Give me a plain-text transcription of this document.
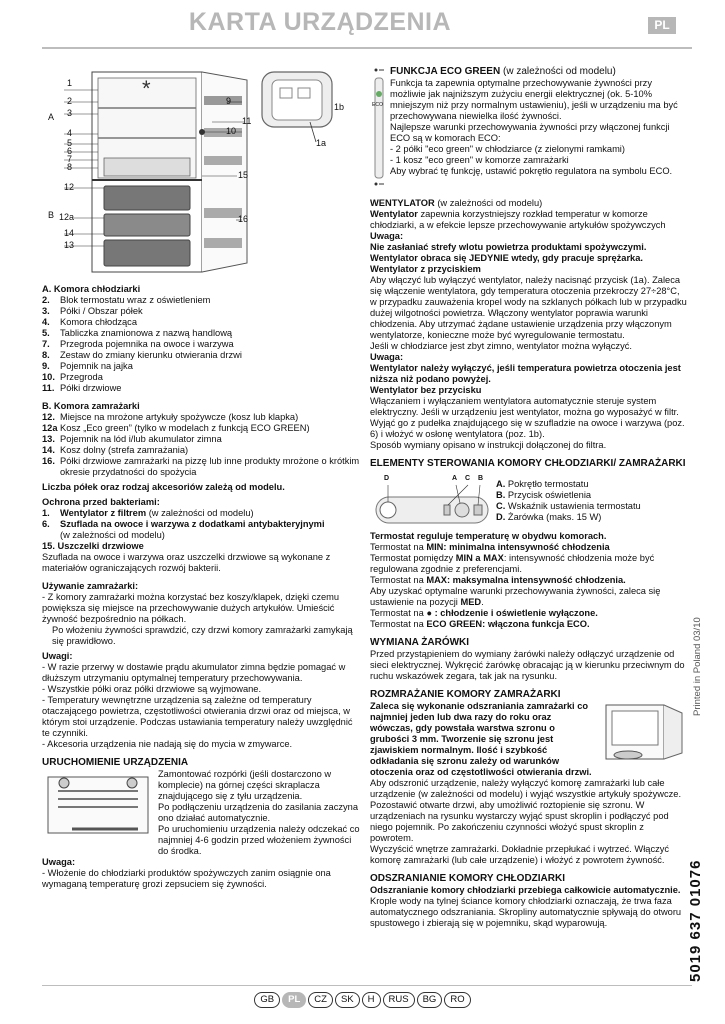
KARTA URZĄDZENIA	PL
*
1
2
3
A
4
5
6
7
8
12
B 12a
14
13
9
10
11
15
16
1b
1a

A. Komora chłodziarki

2.	Blok termostatu wraz z oświetleniem
3.	Półki / Obszar półek
4.	Komora chłodząca
5.	Tabliczka znamionowa z nazwą handlową
7.	Przegroda pojemnika na owoce i warzywa
8.	Zestaw do zmiany kierunku otwierania drzwi
9.	Pojemnik na jajka
10. Przegroda
11. Półki drzwiowe

B. Komora zamrażarki

12. Miejsce na mrożone artykuły spożywcze (kosz lub klapka)
12a Kosz „Eco green” (tylko w modelach z funkcją ECO GREEN)
13. Pojemnik na lód i/lub akumulator zimna
14. Kosz dolny (strefa zamrażania)
16. Półki drzwiowe zamrażarki na pizzę lub inne produkty mrożone o krótkim okresie przydatności do spożycia

Liczba półek oraz rodzaj akcesoriów zależą od modelu.

Ochrona przed bakteriami:

1.	Wentylator z filtrem (w zależności od modelu)
6.	Szuflada na owoce i warzywa z dodatkami antybakteryjnymi
(w zależności od modelu)

15. Uszczelki drzwiowe

Szuflada na owoce i warzywa oraz uszczelki drzwiowe są wykonane z materiałów ograniczających rozwój bakterii.

Używanie zamrażarki:

- Z komory zamrażarki można korzystać bez koszy/klapek, dzięki czemu powiększa się miejsce na przechowywanie dużych artykułów. Umieścić żywność bezpośrednio na półkach.

Po włożeniu żywności sprawdzić, czy drzwi komory zamrażarki zamykają się prawidłowo.

Uwagi:

- W razie przerwy w dostawie prądu akumulator zimna będzie pomagać w dłuższym utrzymaniu optymalnej temperatury przechowywania.

- Wszystkie półki oraz półki drzwiowe są wyjmowane.

- Temperatury wewnętrzne urządzenia są zależne od temperatury otaczającego powietrza, częstotliwości otwierania drzwi oraz od miejsca, w którym stoi urządzenie. Podczas ustawiania temperatury należy uwzględnić te czynniki.

- Akcesoria urządzenia nie nadają się do mycia w zmywarce.

URUCHOMIENIE URZĄDZENIA

Zamontować rozpórki (jeśli dostarczono w komplecie) na górnej części skraplacza znajdującego się z tyłu urządzenia.

Po podłączeniu urządzenia do zasilania zaczyna ono działać automatycznie.

Po uruchomieniu urządzenia należy odczekać co najmniej 4-6 godzin przed włożeniem żywności do środka.

Uwaga:

- Włożenie do chłodziarki produktów spożywczych zanim osiągnie ona wymaganą temperaturę grozi zepsuciem się żywności.

ECO

FUNKCJA ECO GREEN (w zależności od modelu)

Funkcja ta zapewnia optymalne przechowywanie żywności przy możliwie jak najniższym zużyciu energii elektrycznej (ok. 5-10% mniejszym niż przy normalnym ustawieniu), jeśli w urządzeniu ma być przechowywana niewielka ilość żywności.

Najlepsze warunki przechowywania żywności przy włączonej funkcji ECO są w komorach ECO:

- 2 półki "eco green" w chłodziarce (z zielonymi ramkami)

- 1 kosz "eco green" w komorze zamrażarki

Aby wybrać tę funkcję, ustawić pokrętło regulatora na symbolu ECO.

WENTYLATOR (w zależności od modelu)

Wentylator zapewnia korzystniejszy rozkład temperatur w komorze chłodziarki, a w efekcie lepsze przechowywanie artykułów spożywczych

Uwaga:

Nie zasłaniać strefy wlotu powietrza produktami spożywczymi. Wentylator obraca się JEDYNIE wtedy, gdy pracuje sprężarka.

Wentylator z przyciskiem

Aby włączyć lub wyłączyć wentylator, należy nacisnąć przycisk (1a). Zaleca się włączenie wentylatora, gdy temperatura otoczenia przekroczy 27÷28°C, w przypadku zauważenia kropel wody na szklanych półkach lub w przypadku dużej wilgotności powietrza. Włączony wentylator poprawia warunki chłodzenia. Aby utrzymać żądane ustawienie urządzenia przy włączonym wentylatorze, konieczne może być wyregulowanie termostatu.

Jeśli w chłodziarce jest zbyt zimno, wentylator można wyłączyć.

Uwaga:

Wentylator należy wyłączyć, jeśli temperatura powietrza otoczenia jest niższa niż podano powyżej.

Wentylator bez przycisku

Włączaniem i wyłączaniem wentylatora automatycznie steruje system elektryczny. Jeśli w urządzeniu jest wentylator, można go wyposażyć w filtr. Wyjąć go z pudełka znajdującego się w szufladzie na owoce i warzywa (poz. 6) i włożyć w osłonę wentylatora (poz. 1b).

Sposób wymiany opisano w instrukcji dołączonej do filtra.

ELEMENTY STEROWANIA KOMORY CHŁODZIARKI/ ZAMRAŻARKI

D	A C B

A. Pokrętło termostatu

B. Przycisk oświetlenia

C. Wskaźnik ustawienia termostatu

D. Żarówka (maks. 15 W)

Termostat reguluje temperaturę w obydwu komorach.

Termostat na MIN: minimalna intensywność chłodzenia

Termostat pomiędzy MIN a MAX: intensywność chłodzenia może być regulowana zgodnie z preferencjami.

Termostat na MAX: maksymalna intensywność chłodzenia.

Aby uzyskać optymalne warunki przechowywania żywności, zaleca się ustawienie na pozycji MED.

Termostat na ● : chłodzenie i oświetlenie wyłączone.

Termostat na ECO GREEN: włączona funkcja ECO.

WYMIANA ŻARÓWKI

Przed przystąpieniem do wymiany żarówki należy odłączyć urządzenie od sieci elektrycznej. Wykręcić żarówkę obracając ją w kierunku przeciwnym do ruchu wskazówek zegara, tak jak na rysunku.

ROZMRAŻANIE KOMORY ZAMRAŻARKI

Zaleca się wykonanie odszraniania zamrażarki co najmniej jeden lub dwa razy do roku oraz wówczas, gdy powstała warstwa szronu o grubości 3 mm. Tworzenie się szronu jest zjawiskiem normalnym. Ilość i szybkość odkładania się szronu zależy od warunków otoczenia oraz od częstotliwości otwierania drzwi.

Aby odszronić urządzenie, należy wyłączyć komorę zamrażarki lub całe urządzenie (w zależności od modelu) i wyjąć wszystkie artykuły spożywcze.

Pozostawić otwarte drzwi, aby umożliwić roztopienie się szronu. W urządzeniach na rysunku wystarczy wyjąć spust skroplin i podłączyć pod niego pojemnik. Po zakończeniu czynności włożyć spust skroplin z powrotem.

Wyczyścić wnętrze zamrażarki. Dokładnie przepłukać i wytrzeć. Włączyć komorę zamrażarki (lub całe urządzenie) i włożyć z powrotem żywność.

ODSZRANIANIE KOMORY CHŁODZIARKI

Odszranianie komory chłodziarki przebiega całkowicie automatycznie.

Krople wody na tylnej ściance komory chłodziarki oznaczają, że trwa faza automatycznego odszraniania. Skropliny automatycznie spływają do otworu spustowego i zbierają się w pojemniku, skąd wyparowują.

Printed in Poland 03/10
5019 637 01076
GB PL CZ SK H RUS BG RO
